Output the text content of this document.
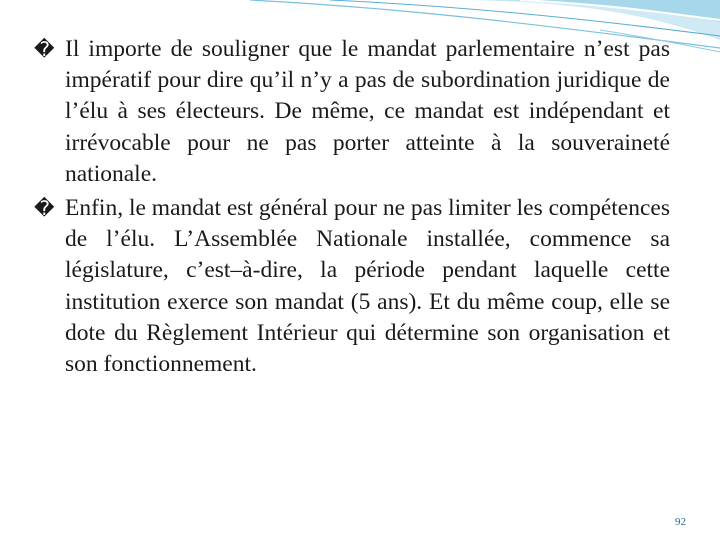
�
Il importe de souligner que le mandat parlementaire n’est pas impératif pour dire qu’il n’y a pas de subordination juridique de l’élu à ses électeurs. De même, ce mandat est indépendant et irrévocable pour ne pas porter atteinte à la souveraineté nationale.

�
Enfin, le mandat est général pour ne pas limiter les compétences de l’élu. L’Assemblée Nationale installée, commence sa législature, c’est–à-dire, la période pendant laquelle cette institution exerce son mandat (5 ans). Et du même coup, elle se dote du Règlement Intérieur qui détermine son organisation et son fonctionnement.

92
